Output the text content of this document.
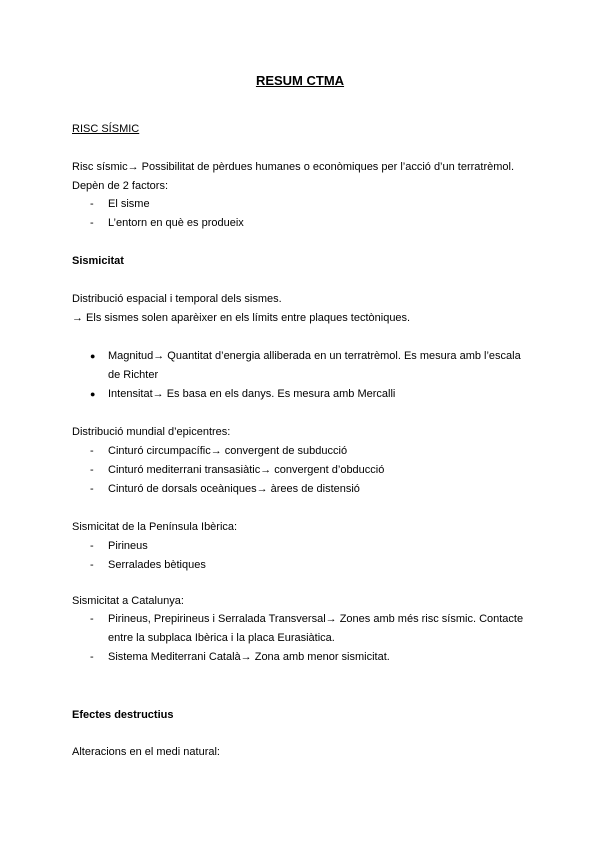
RESUM CTMA
RISC SÍSMIC
Risc sísmic→ Possibilitat de pèrdues humanes o econòmiques per l’acció d’un terratrèmol.
Depèn de 2 factors:
-	El sisme
-	L’entorn en què es produeix
Sismicitat
Distribució espacial i temporal dels sismes.
→ Els sismes solen aparèixer en els límits entre plaques tectòniques.
● Magnitud→ Quantitat d’energia alliberada en un terratrèmol. Es mesura amb l’escala
de Richter
● Intensitat→ Es basa en els danys. Es mesura amb Mercalli
Distribució mundial d’epicentres:
-	Cinturó circumpacífic→ convergent de subducció
-	Cinturó mediterrani transasiàtic→ convergent d’obducció
-	Cinturó de dorsals oceàniques→ àrees de distensió
Sismicitat de la Península Ibèrica:
-	Pirineus
-	Serralades bètiques
Sismicitat a Catalunya:
-	Pirineus, Prepirineus i Serralada Transversal→ Zones amb més risc sísmic. Contacte
entre la subplaca Ibèrica i la placa Eurasiàtica.
-	Sistema Mediterrani Català→ Zona amb menor sismicitat.
Efectes destructius
Alteracions en el medi natural:
